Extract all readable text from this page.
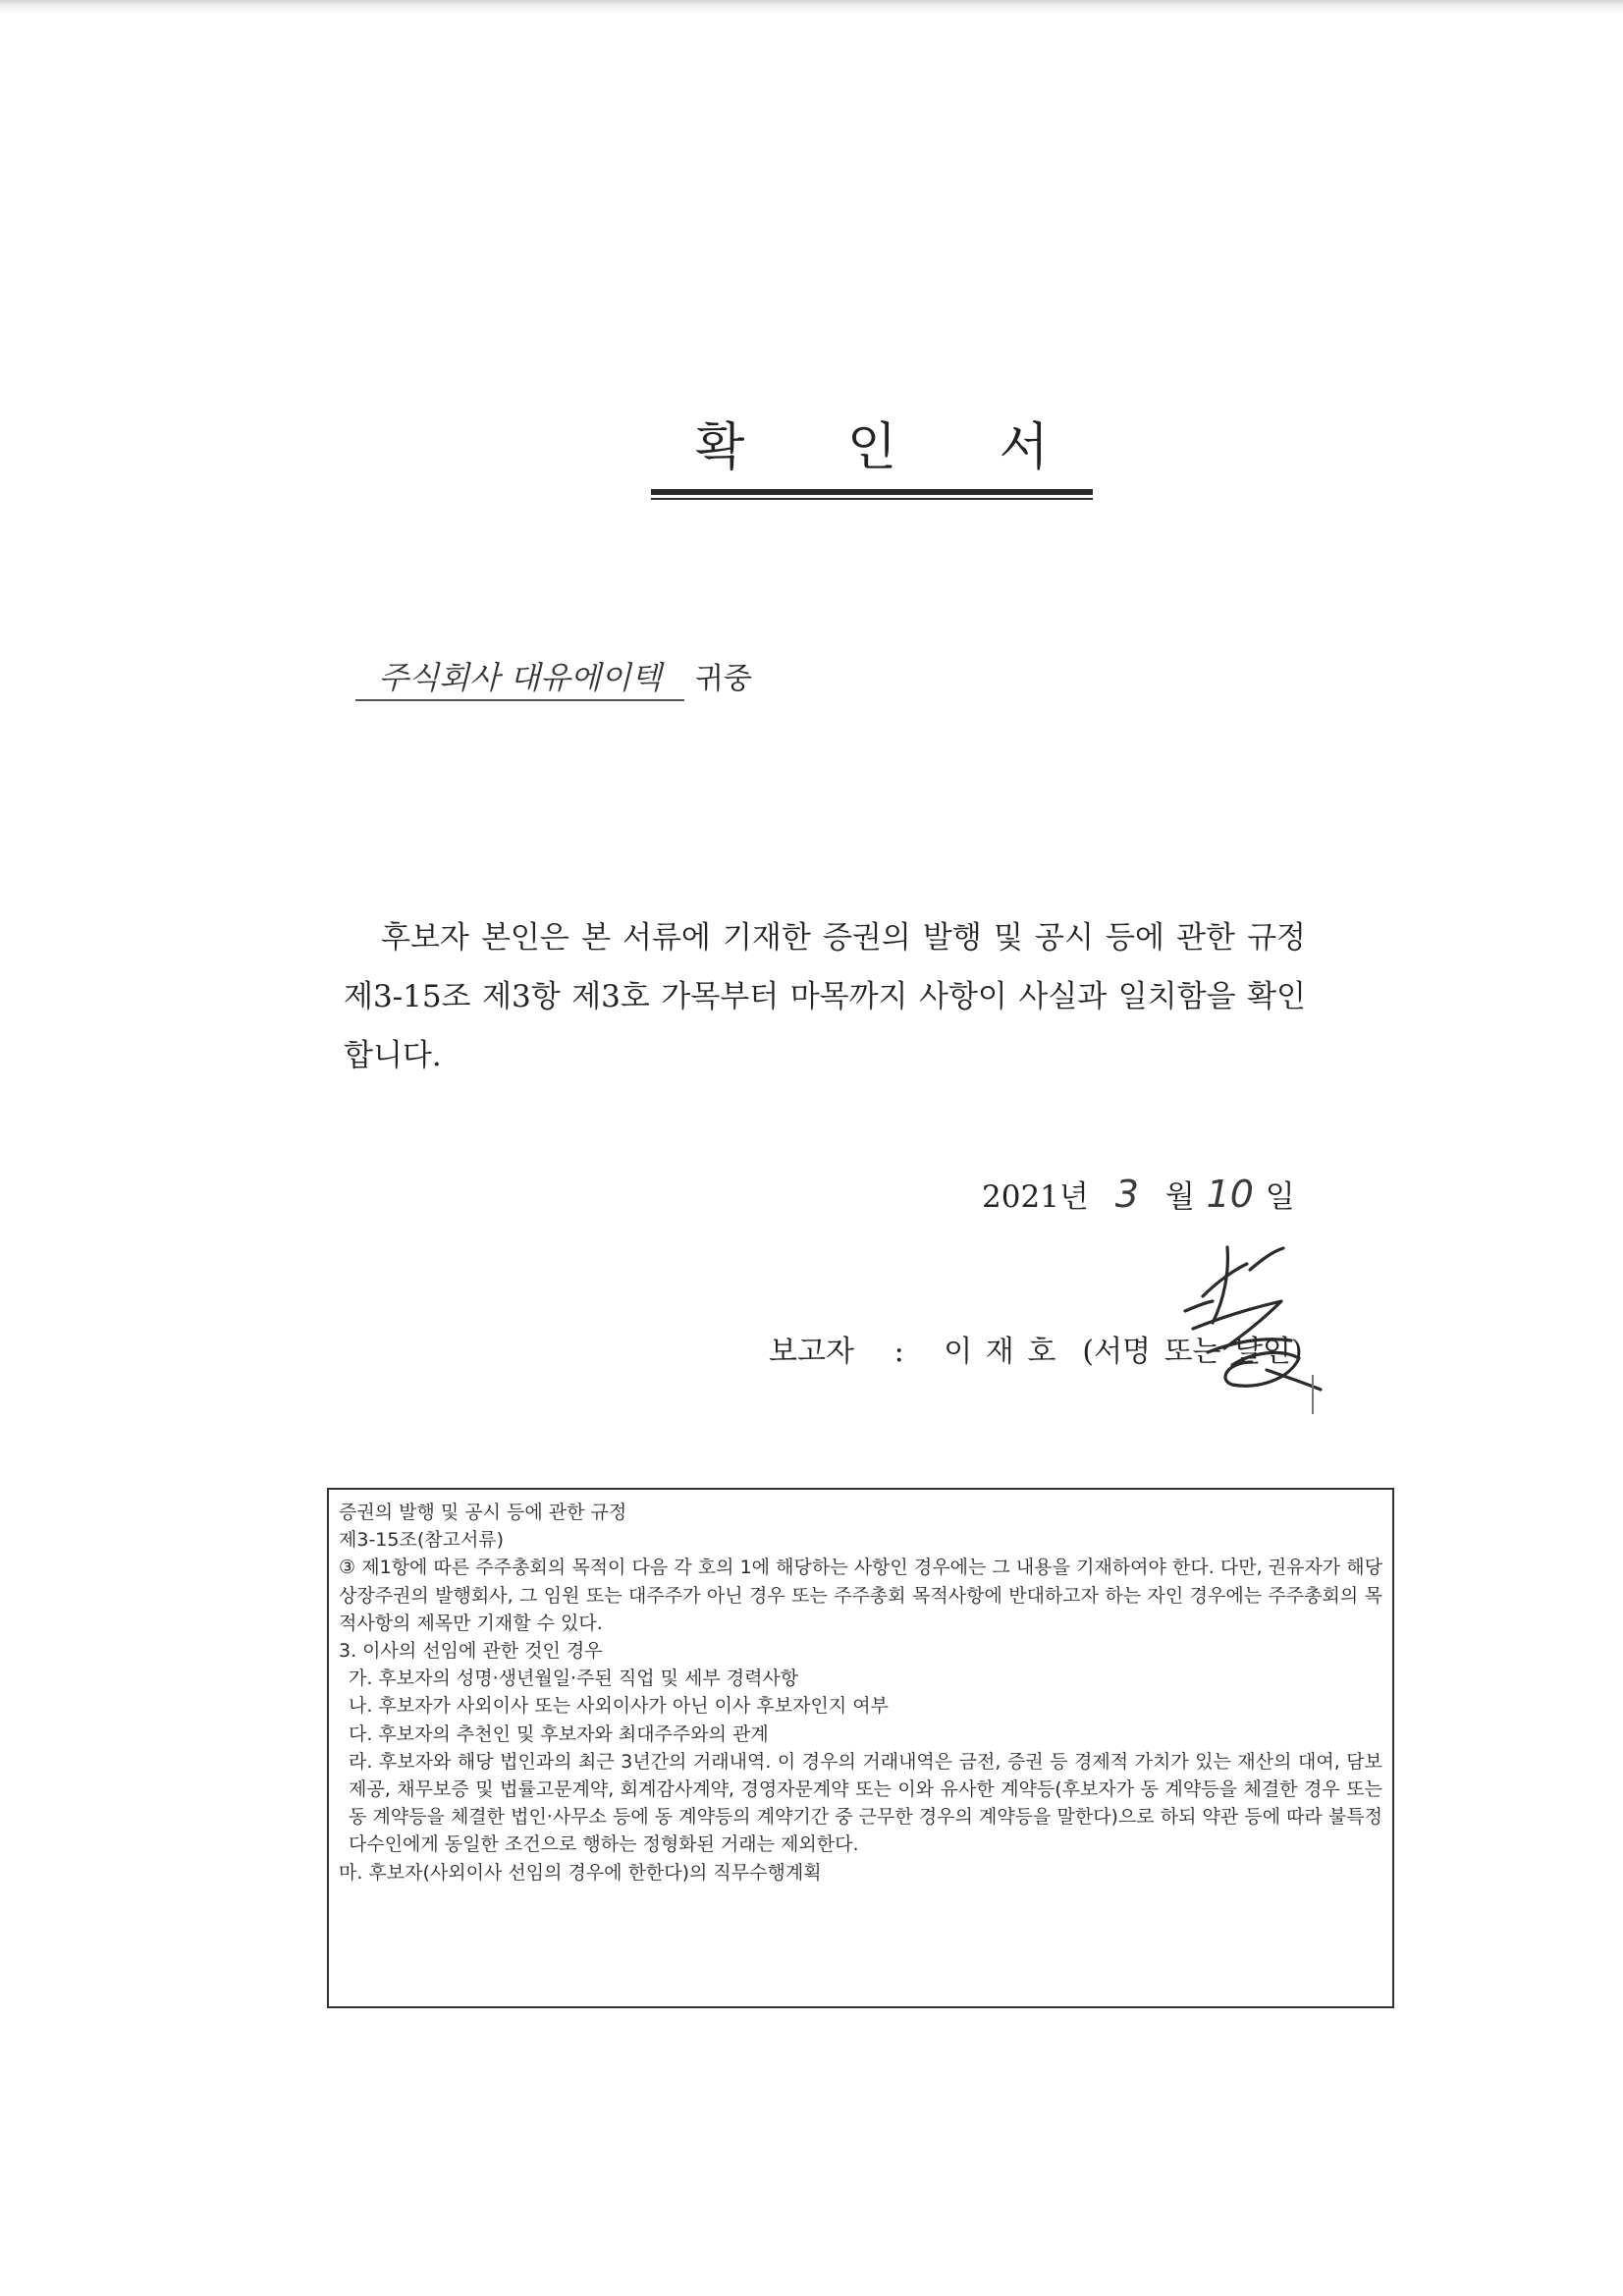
확 인 서
주식회사 대유에이텍	귀중
후보자 본인은 본 서류에 기재한 증권의 발행 및 공시 등에 관한 규정 제3-15조 제3항 제3호 가목부터 마목까지 사항이 사실과 일치함을 확인합니다.
2021년 3 월 10 일
보고자 : 이 재 호 (서명 또는 날인)

증권의 발행 및 공시 등에 관한 규정

제3-15조(참고서류)

③ 제1항에 따른 주주총회의 목적이 다음 각 호의 1에 해당하는 사항인 경우에는 그 내용을 기재하여야 한다. 다만, 권유자가 해당 상장주권의 발행회사, 그 임원 또는 대주주가 아닌 경우 또는 주주총회 목적사항에 반대하고자 하는 자인 경우에는 주주총회의 목적사항의 제목만 기재할 수 있다.

3. 이사의 선임에 관한 것인 경우

가. 후보자의 성명·생년월일·주된 직업 및 세부 경력사항

나. 후보자가 사외이사 또는 사외이사가 아닌 이사 후보자인지 여부

다. 후보자의 추천인 및 후보자와 최대주주와의 관계

라. 후보자와 해당 법인과의 최근 3년간의 거래내역. 이 경우의 거래내역은 금전, 증권 등 경제적 가치가 있는 재산의 대여, 담보제공, 채무보증 및 법률고문계약, 회계감사계약, 경영자문계약 또는 이와 유사한 계약등(후보자가 동 계약등을 체결한 경우 또는 동 계약등을 체결한 법인·사무소 등에 동 계약등의 계약기간 중 근무한 경우의 계약등을 말한다)으로 하되 약관 등에 따라 불특정다수인에게 동일한 조건으로 행하는 정형화된 거래는 제외한다.

마. 후보자(사외이사 선임의 경우에 한한다)의 직무수행계획
